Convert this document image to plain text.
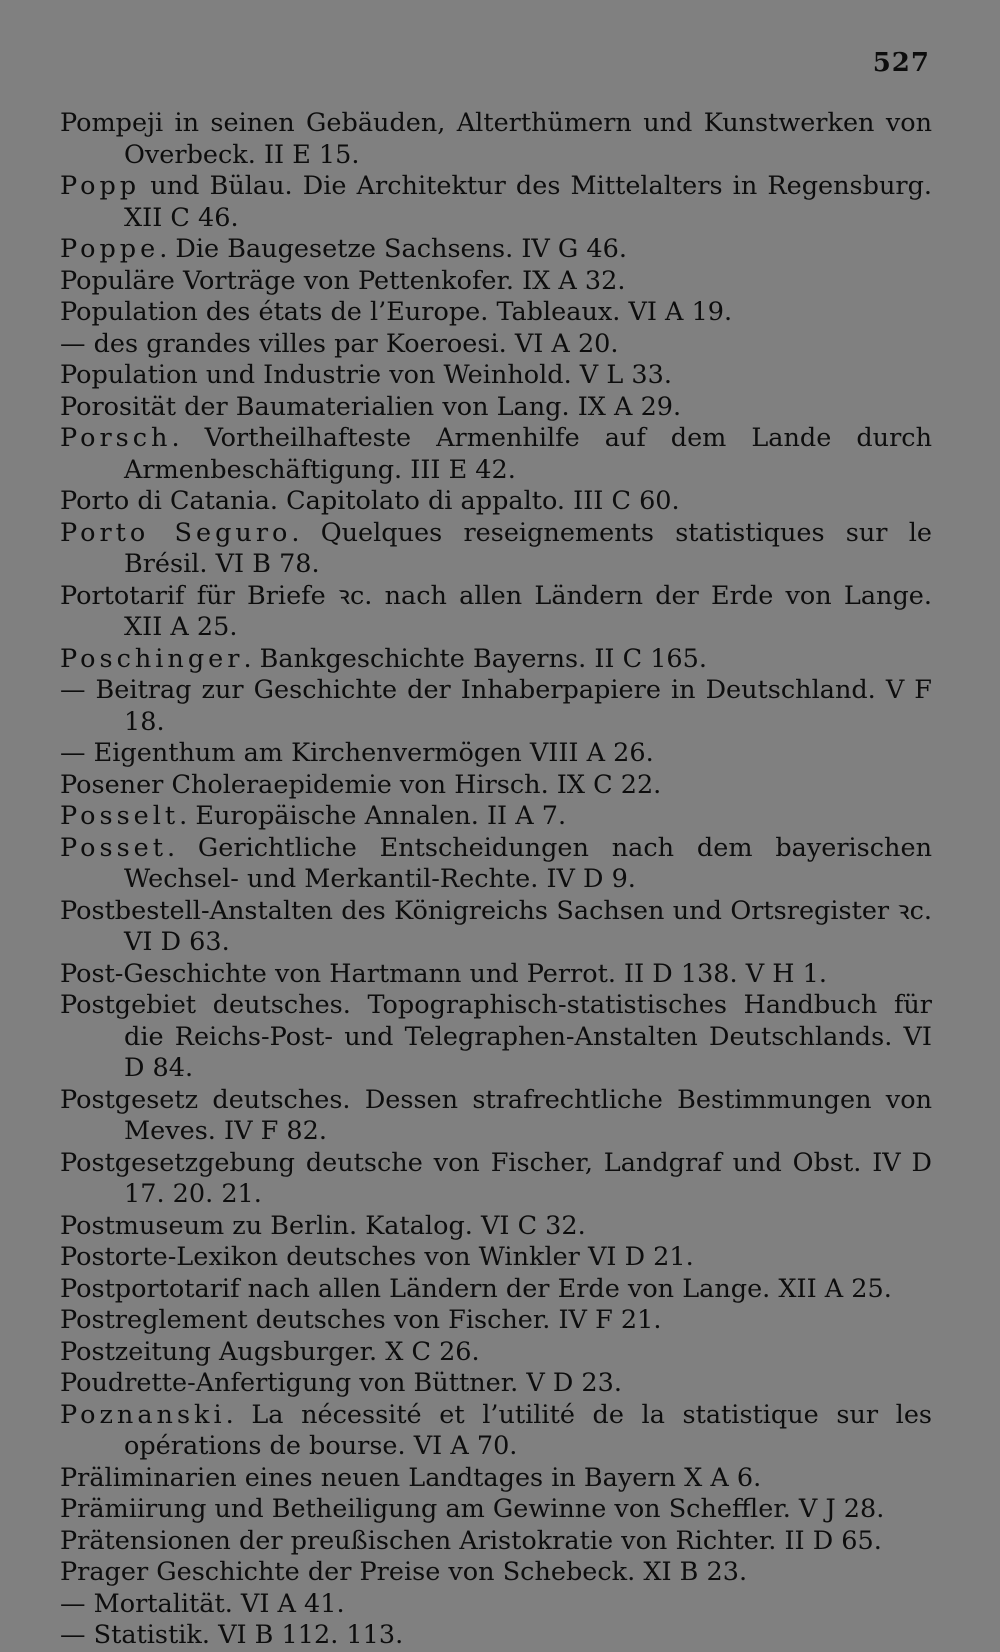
527
Pompeji in seinen Gebäuden, Alterthümern und Kunstwerken von Overbeck. II E 15.
Popp und Bülau. Die Architektur des Mittelalters in Regensburg. XII C 46.
Poppe. Die Baugesetze Sachsens. IV G 46.
Populäre Vorträge von Pettenkofer. IX A 32.
Population des états de l’Europe. Tableaux. VI A 19.
— des grandes villes par Koeroesi. VI A 20.
Population und Industrie von Weinhold. V L 33.
Porosität der Baumaterialien von Lang. IX A 29.
Porsch. Vortheilhafteste Armenhilfe auf dem Lande durch Armenbeschäftigung. III E 42.
Porto di Catania. Capitolato di appalto. III C 60.
Porto Seguro. Quelques reseignements statistiques sur le Brésil. VI B 78.
Portotarif für Briefe ꝛc. nach allen Ländern der Erde von Lange. XII A 25.
Poschinger. Bankgeschichte Bayerns. II C 165.
— Beitrag zur Geschichte der Inhaberpapiere in Deutschland. V F 18.
— Eigenthum am Kirchenvermögen VIII A 26.
Posener Choleraepidemie von Hirsch. IX C 22.
Posselt. Europäische Annalen. II A 7.
Posset. Gerichtliche Entscheidungen nach dem bayerischen Wechsel- und Merkantil-Rechte. IV D 9.
Postbestell-Anstalten des Königreichs Sachsen und Ortsregister ꝛc. VI D 63.
Post-Geschichte von Hartmann und Perrot. II D 138. V H 1.
Postgebiet deutsches. Topographisch-statistisches Handbuch für die Reichs-Post- und Telegraphen-Anstalten Deutschlands. VI D 84.
Postgesetz deutsches. Dessen strafrechtliche Bestimmungen von Meves. IV F 82.
Postgesetzgebung deutsche von Fischer, Landgraf und Obst. IV D 17. 20. 21.
Postmuseum zu Berlin. Katalog. VI C 32.
Postorte-Lexikon deutsches von Winkler VI D 21.
Postportotarif nach allen Ländern der Erde von Lange. XII A 25.
Postreglement deutsches von Fischer. IV F 21.
Postzeitung Augsburger. X C 26.
Poudrette-Anfertigung von Büttner. V D 23.
Poznanski. La nécessité et l’utilité de la statistique sur les opérations de bourse. VI A 70.
Präliminarien eines neuen Landtages in Bayern X A 6.
Prämiirung und Betheiligung am Gewinne von Scheffler. V J 28.
Prätensionen der preußischen Aristokratie von Richter. II D 65.
Prager Geschichte der Preise von Schebeck. XI B 23.
— Mortalität. VI A 41.
— Statistik. VI B 112. 113.
